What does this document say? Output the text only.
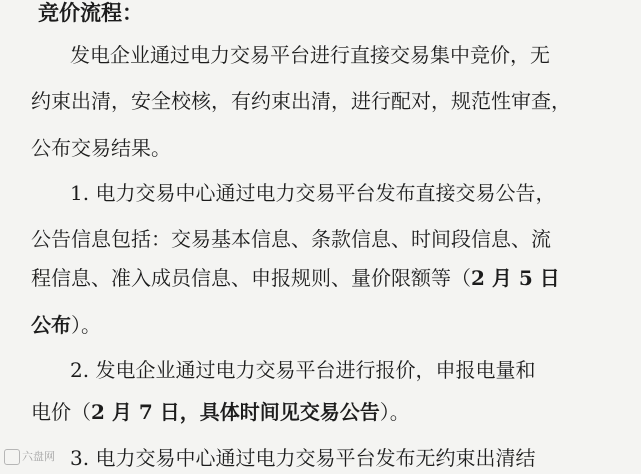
竞价流程：
发电企业通过电力交易平台进行直接交易集中竞价，无
约束出清，安全校核，有约束出清，进行配对，规范性审查，
公布交易结果。
1. 电力交易中心通过电力交易平台发布直接交易公告，
公告信息包括：交易基本信息、条款信息、时间段信息、流
程信息、准入成员信息、申报规则、量价限额等（2 月 5 日
公布）。
2. 发电企业通过电力交易平台进行报价，申报电量和
电价（2 月 7 日，具体时间见交易公告）。
3. 电力交易中心通过电力交易平台发布无约束出清结
六盘网
